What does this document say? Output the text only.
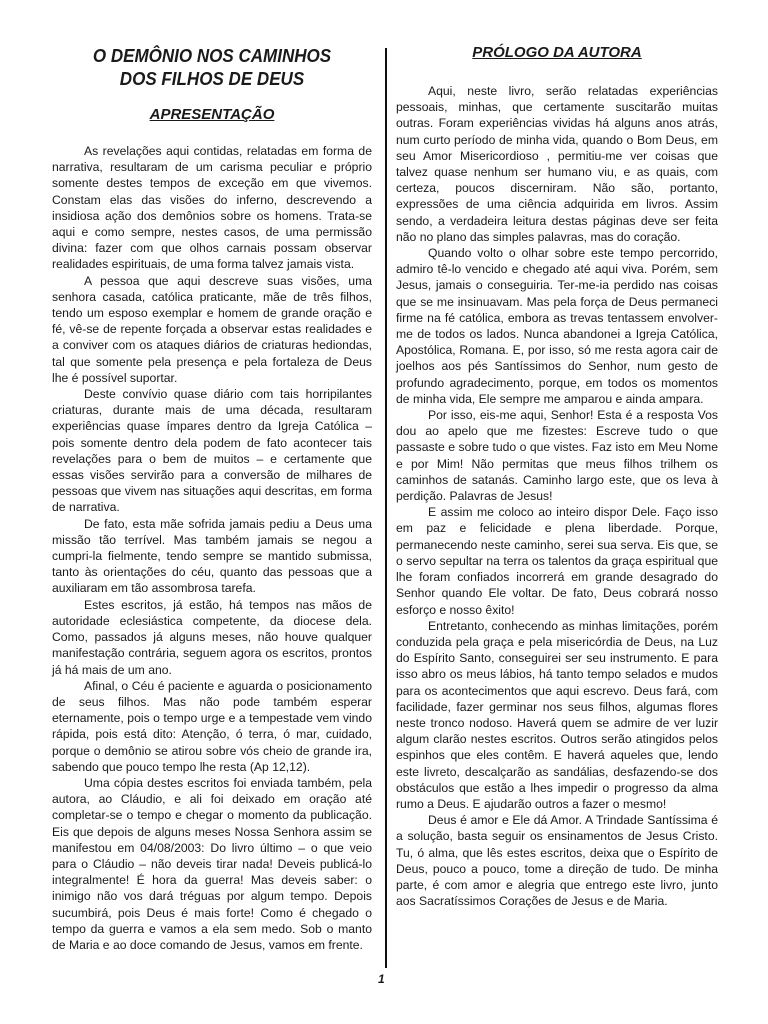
O DEMÔNIO NOS CAMINHOS
DOS FILHOS DE DEUS
APRESENTAÇÃO

As revelações aqui contidas, relatadas em forma de narrativa, resultaram de um carisma peculiar e próprio somente destes tempos de exceção em que vivemos. Constam elas das visões do inferno, descrevendo a insidiosa ação dos demônios sobre os homens. Trata-se aqui e como sempre, nestes casos, de uma permissão divina: fazer com que olhos carnais possam observar realidades espirituais, de uma forma talvez jamais vista.

A pessoa que aqui descreve suas visões, uma senhora casada, católica praticante, mãe de três filhos, tendo um esposo exemplar e homem de grande oração e fé, vê-se de repente forçada a observar estas realidades e a conviver com os ataques diários de criaturas hediondas, tal que somente pela presença e pela fortaleza de Deus lhe é possível suportar.

Deste convívio quase diário com tais horripilantes criaturas, durante mais de uma década, resultaram experiências quase ímpares dentro da Igreja Católica – pois somente dentro dela podem de fato acontecer tais revelações para o bem de muitos – e certamente que essas visões servirão para a conversão de milhares de pessoas que vivem nas situações aqui descritas, em forma de narrativa.

De fato, esta mãe sofrida jamais pediu a Deus uma missão tão terrível. Mas também jamais se negou a cumpri-la fielmente, tendo sempre se mantido submissa, tanto às orientações do céu, quanto das pessoas que a auxiliaram em tão assombrosa tarefa.

Estes escritos, já estão, há tempos nas mãos de autoridade eclesiástica competente, da diocese dela. Como, passados já alguns meses, não houve qualquer manifestação contrária, seguem agora os escritos, prontos já há mais de um ano.

Afinal, o Céu é paciente e aguarda o posicionamento de seus filhos. Mas não pode também esperar eternamente, pois o tempo urge e a tempestade vem vindo rápida, pois está dito: Atenção, ó terra, ó mar, cuidado, porque o demônio se atirou sobre vós cheio de grande ira, sabendo que pouco tempo lhe resta (Ap 12,12).

Uma cópia destes escritos foi enviada também, pela autora, ao Cláudio, e ali foi deixado em oração até completar-se o tempo e chegar o momento da publicação. Eis que depois de alguns meses Nossa Senhora assim se manifestou em 04/08/2003: Do livro último – o que veio para o Cláudio – não deveis tirar nada! Deveis publicá-lo integralmente! É hora da guerra! Mas deveis saber: o inimigo não vos dará tréguas por algum tempo. Depois sucumbirá, pois Deus é mais forte! Como é chegado o tempo da guerra e vamos a ela sem medo. Sob o manto de Maria e ao doce comando de Jesus, vamos em frente.

PRÓLOGO DA AUTORA

Aqui, neste livro, serão relatadas experiências pessoais, minhas, que certamente suscitarão muitas outras. Foram experiências vividas há alguns anos atrás, num curto período de minha vida, quando o Bom Deus, em seu Amor Misericordioso , permitiu-me ver coisas que talvez quase nenhum ser humano viu, e as quais, com certeza, poucos discerniram. Não são, portanto, expressões de uma ciência adquirida em livros. Assim sendo, a verdadeira leitura destas páginas deve ser feita não no plano das simples palavras, mas do coração.

Quando volto o olhar sobre este tempo percorrido, admiro tê-lo vencido e chegado até aqui viva. Porém, sem Jesus, jamais o conseguiria. Ter-me-ia perdido nas coisas que se me insinuavam. Mas pela força de Deus permaneci firme na fé católica, embora as trevas tentassem envolver-me de todos os lados. Nunca abandonei a Igreja Católica, Apostólica, Romana. E, por isso, só me resta agora cair de joelhos aos pés Santíssimos do Senhor, num gesto de profundo agradecimento, porque, em todos os momentos de minha vida, Ele sempre me amparou e ainda ampara.

Por isso, eis-me aqui, Senhor! Esta é a resposta Vos dou ao apelo que me fizestes: Escreve tudo o que passaste e sobre tudo o que vistes. Faz isto em Meu Nome e por Mim! Não permitas que meus filhos trilhem os caminhos de satanás. Caminho largo este, que os leva à perdição. Palavras de Jesus!

E assim me coloco ao inteiro dispor Dele. Faço isso em paz e felicidade e plena liberdade. Porque, permanecendo neste caminho, serei sua serva. Eis que, se o servo sepultar na terra os talentos da graça espiritual que lhe foram confiados incorrerá em grande desagrado do Senhor quando Ele voltar. De fato, Deus cobrará nosso esforço e nosso êxito!

Entretanto, conhecendo as minhas limitações, porém conduzida pela graça e pela misericórdia de Deus, na Luz do Espírito Santo, conseguirei ser seu instrumento. E para isso abro os meus lábios, há tanto tempo selados e mudos para os acontecimentos que aqui escrevo. Deus fará, com facilidade, fazer germinar nos seus filhos, algumas flores neste tronco nodoso. Haverá quem se admire de ver luzir algum clarão nestes escritos. Outros serão atingidos pelos espinhos que eles contêm. E haverá aqueles que, lendo este livreto, descalçarão as sandálias, desfazendo-se dos obstáculos que estão a lhes impedir o progresso da alma rumo a Deus. E ajudarão outros a fazer o mesmo!

Deus é amor e Ele dá Amor. A Trindade Santíssima é a solução, basta seguir os ensinamentos de Jesus Cristo. Tu, ó alma, que lês estes escritos, deixa que o Espírito de Deus, pouco a pouco, tome a direção de tudo. De minha parte, é com amor e alegria que entrego este livro, junto aos Sacratíssimos Corações de Jesus e de Maria.

1
